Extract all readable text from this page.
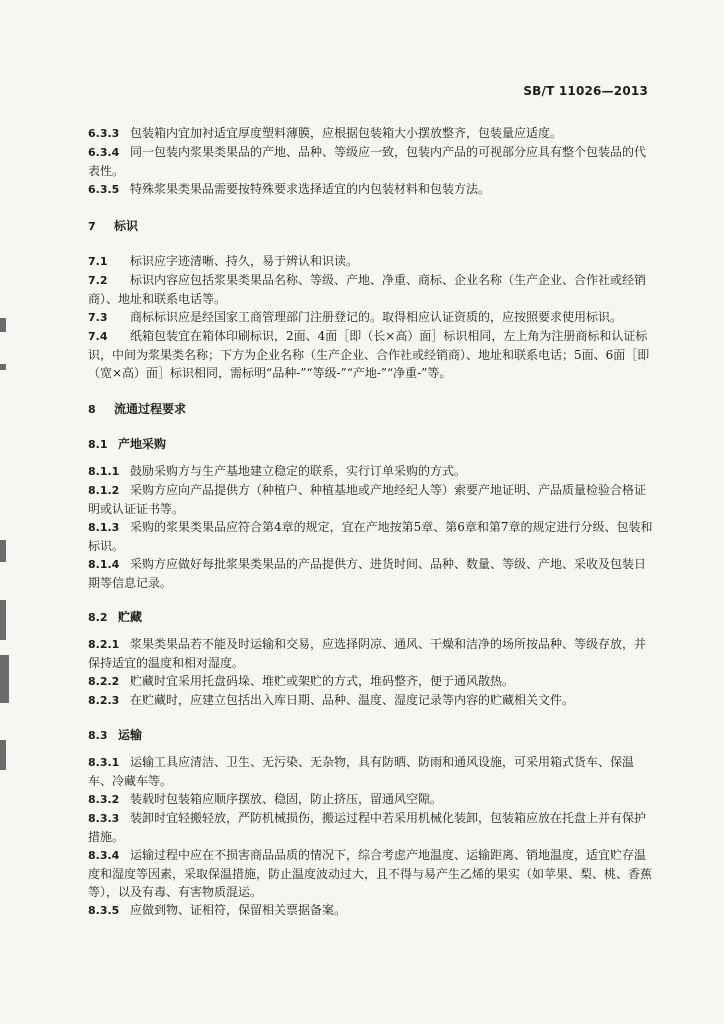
SB/T 11026—2013

6.3.3 包装箱内宜加衬适宜厚度塑料薄膜，应根据包装箱大小摆放整齐，包装量应适度。

6.3.4 同一包装内浆果类果品的产地、品种、等级应一致，包装内产品的可视部分应具有整个包装品的代表性。

6.3.5 特殊浆果类果品需要按特殊要求选择适宜的内包装材料和包装方法。

7 标识

7.1 标识应字迹清晰、持久，易于辨认和识读。

7.2 标识内容应包括浆果类果品名称、等级、产地、净重、商标、企业名称（生产企业、合作社或经销商）、地址和联系电话等。

7.3 商标标识应是经国家工商管理部门注册登记的。取得相应认证资质的，应按照要求使用标识。

7.4 纸箱包装宜在箱体印刷标识，2面、4面［即（长×高）面］标识相同，左上角为注册商标和认证标识，中间为浆果类名称；下方为企业名称（生产企业、合作社或经销商）、地址和联系电话；5面、6面［即（宽×高）面］标识相同，需标明“品种-”“等级-”“产地-”“净重-”等。

8 流通过程要求

8.1 产地采购

8.1.1 鼓励采购方与生产基地建立稳定的联系，实行订单采购的方式。

8.1.2 采购方应向产品提供方（种植户、种植基地或产地经纪人等）索要产地证明、产品质量检验合格证明或认证证书等。

8.1.3 采购的浆果类果品应符合第4章的规定，宜在产地按第5章、第6章和第7章的规定进行分级、包装和标识。

8.1.4 采购方应做好每批浆果类果品的产品提供方、进货时间、品种、数量、等级、产地、采收及包装日期等信息记录。

8.2 贮藏

8.2.1 浆果类果品若不能及时运输和交易，应选择阴凉、通风、干燥和洁净的场所按品种、等级存放，并保持适宜的温度和相对湿度。

8.2.2 贮藏时宜采用托盘码垛、堆贮或架贮的方式，堆码整齐，便于通风散热。

8.2.3 在贮藏时，应建立包括出入库日期、品种、温度、湿度记录等内容的贮藏相关文件。

8.3 运输

8.3.1 运输工具应清洁、卫生、无污染、无杂物，具有防晒、防雨和通风设施，可采用箱式货车、保温车、冷藏车等。

8.3.2 装载时包装箱应顺序摆放、稳固，防止挤压，留通风空隙。

8.3.3 装卸时宜轻搬轻放，严防机械损伤，搬运过程中若采用机械化装卸，包装箱应放在托盘上并有保护措施。

8.3.4 运输过程中应在不损害商品品质的情况下，综合考虑产地温度、运输距离、销地温度，适宜贮存温度和湿度等因素，采取保温措施，防止温度波动过大，且不得与易产生乙烯的果实（如苹果、梨、桃、香蕉等），以及有毒、有害物质混运。

8.3.5 应做到物、证相符，保留相关票据备案。
